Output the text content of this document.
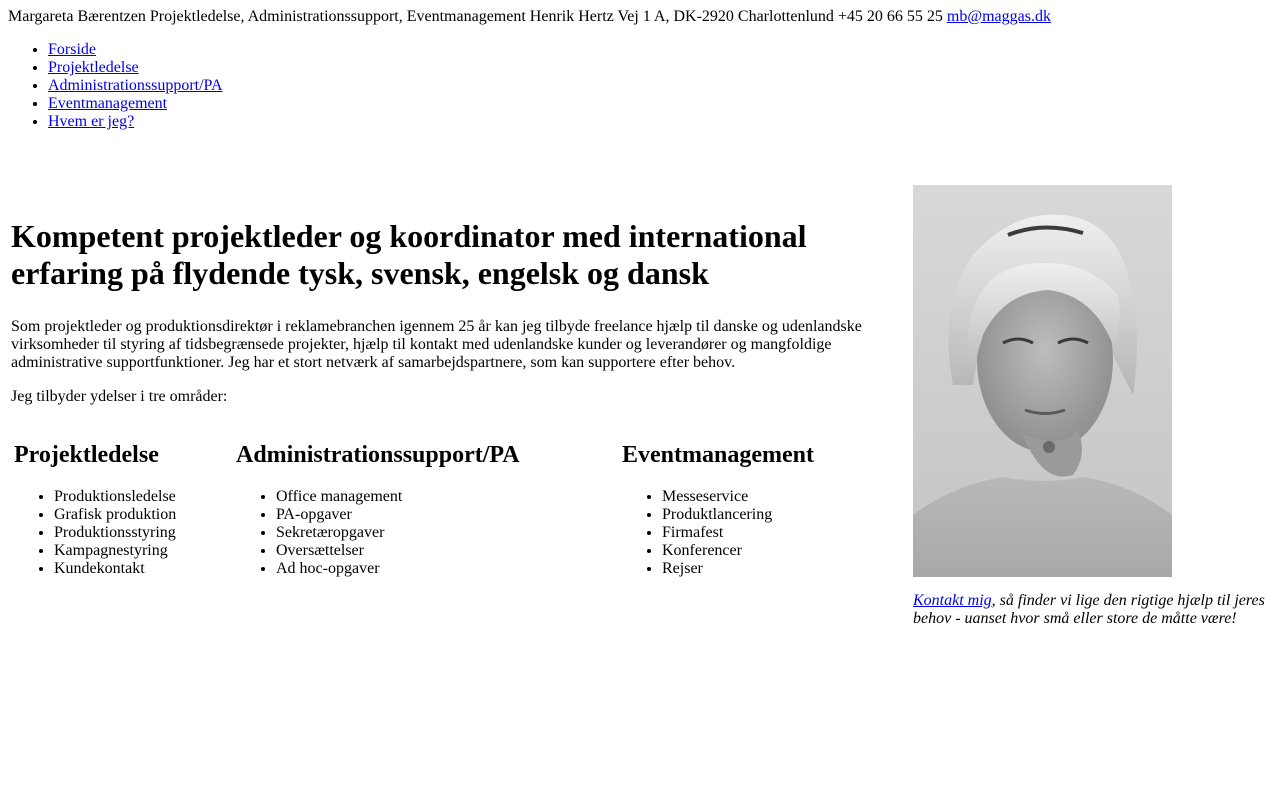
Margareta Bærentzen Projektledelse, Administrationssupport, Eventmanagement Henrik Hertz Vej 1 A, DK-2920 Charlottenlund +45 20 66 55 25 mb@maggas.dk
• Forside
• Projektledelse
• Administrationssupport/PA
• Eventmanagement
• Hvem er jeg?
Kompetent projektleder og koordinator med international erfaring på flydende tysk, svensk, engelsk og dansk

Som projektleder og produktionsdirektør i reklamebranchen igennem 25 år kan jeg tilbyde freelance hjælp til danske og udenlandske virksomheder til styring af tidsbegrænsede projekter, hjælp til kontakt med udenlandske kunder og leverandører og mangfoldige administrative supportfunktioner. Jeg har et stort netværk af samarbejdspartnere, som kan supportere efter behov.

Jeg tilbyder ydelser i tre områder:

Projektledelse
• Produktionsledelse
• Grafisk produktion
• Produktionsstyring
• Kampagnestyring
• Kundekontakt
Administrationssupport/PA
• Office management
• PA-opgaver
• Sekretæropgaver
• Oversættelser
• Ad hoc-opgaver
Eventmanagement
• Messeservice
• Produktlancering
• Firmafest
• Konferencer
• Rejser
Kontakt mig, så finder vi lige den rigtige hjælp til jeres behov - uanset hvor små eller store de måtte være!
